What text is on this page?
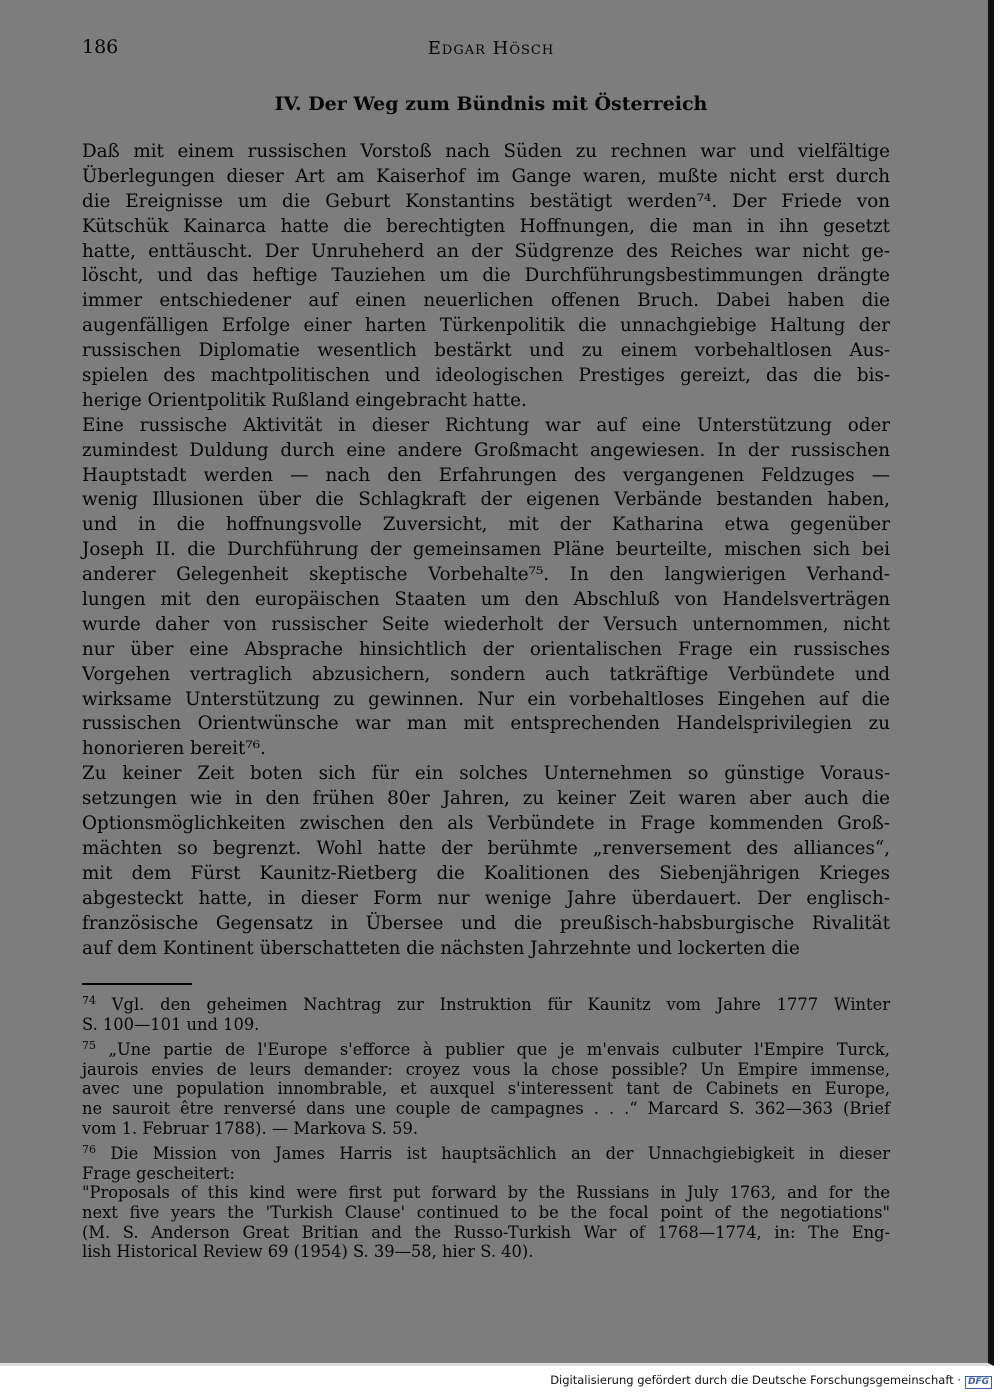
186	Edgar Hösch
IV. Der Weg zum Bündnis mit Österreich
Daß mit einem russischen Vorstoß nach Süden zu rechnen war und vielfältige
Überlegungen dieser Art am Kaiserhof im Gange waren, mußte nicht erst durch
die Ereignisse um die Geburt Konstantins bestätigt werden⁷⁴. Der Friede von
Kütschük Kainarca hatte die berechtigten Hoffnungen, die man in ihn gesetzt
hatte, enttäuscht. Der Unruheherd an der Südgrenze des Reiches war nicht ge-
löscht, und das heftige Tauziehen um die Durchführungsbestimmungen drängte
immer entschiedener auf einen neuerlichen offenen Bruch. Dabei haben die
augenfälligen Erfolge einer harten Türkenpolitik die unnachgiebige Haltung der
russischen Diplomatie wesentlich bestärkt und zu einem vorbehaltlosen Aus-
spielen des machtpolitischen und ideologischen Prestiges gereizt, das die bis-
herige Orientpolitik Rußland eingebracht hatte.
Eine russische Aktivität in dieser Richtung war auf eine Unterstützung oder
zumindest Duldung durch eine andere Großmacht angewiesen. In der russischen
Hauptstadt werden — nach den Erfahrungen des vergangenen Feldzuges —
wenig Illusionen über die Schlagkraft der eigenen Verbände bestanden haben,
und in die hoffnungsvolle Zuversicht, mit der Katharina etwa gegenüber
Joseph II. die Durchführung der gemeinsamen Pläne beurteilte, mischen sich bei
anderer Gelegenheit skeptische Vorbehalte⁷⁵. In den langwierigen Verhand-
lungen mit den europäischen Staaten um den Abschluß von Handelsverträgen
wurde daher von russischer Seite wiederholt der Versuch unternommen, nicht
nur über eine Absprache hinsichtlich der orientalischen Frage ein russisches
Vorgehen vertraglich abzusichern, sondern auch tatkräftige Verbündete und
wirksame Unterstützung zu gewinnen. Nur ein vorbehaltloses Eingehen auf die
russischen Orientwünsche war man mit entsprechenden Handelsprivilegien zu
honorieren bereit⁷⁶.
Zu keiner Zeit boten sich für ein solches Unternehmen so günstige Voraus-
setzungen wie in den frühen 80er Jahren, zu keiner Zeit waren aber auch die
Optionsmöglichkeiten zwischen den als Verbündete in Frage kommenden Groß-
mächten so begrenzt. Wohl hatte der berühmte „renversement des alliances“,
mit dem Fürst Kaunitz-Rietberg die Koalitionen des Siebenjährigen Krieges
abgesteckt hatte, in dieser Form nur wenige Jahre überdauert. Der englisch-
französische Gegensatz in Übersee und die preußisch-habsburgische Rivalität
auf dem Kontinent überschatteten die nächsten Jahrzehnte und lockerten die
$^{74}$ Vgl. den geheimen Nachtrag zur Instruktion für Kaunitz vom Jahre 1777 Winter
S. 100—101 und 109.
$^{75}$ „Une partie de l'Europe s'efforce à publier que je m'envais culbuter l'Empire Turck,
jaurois envies de leurs demander: croyez vous la chose possible? Un Empire immense,
avec une population innombrable, et auxquel s'interessent tant de Cabinets en Europe,
ne sauroit être renversé dans une couple de campagnes . . .“ Marcard S. 362—363 (Brief
vom 1. Februar 1788). — Markova S. 59.
$^{76}$ Die Mission von James Harris ist hauptsächlich an der Unnachgiebigkeit in dieser
Frage gescheitert:
"Proposals of this kind were first put forward by the Russians in July 1763, and for the
next five years the 'Turkish Clause' continued to be the focal point of the negotiations"
(M. S. Anderson Great Britian and the Russo-Turkish War of 1768—1774, in: The Eng-
lish Historical Review 69 (1954) S. 39—58, hier S. 40).
Digitalisierung gefördert durch die Deutsche Forschungsgemeinschaft · DFG
